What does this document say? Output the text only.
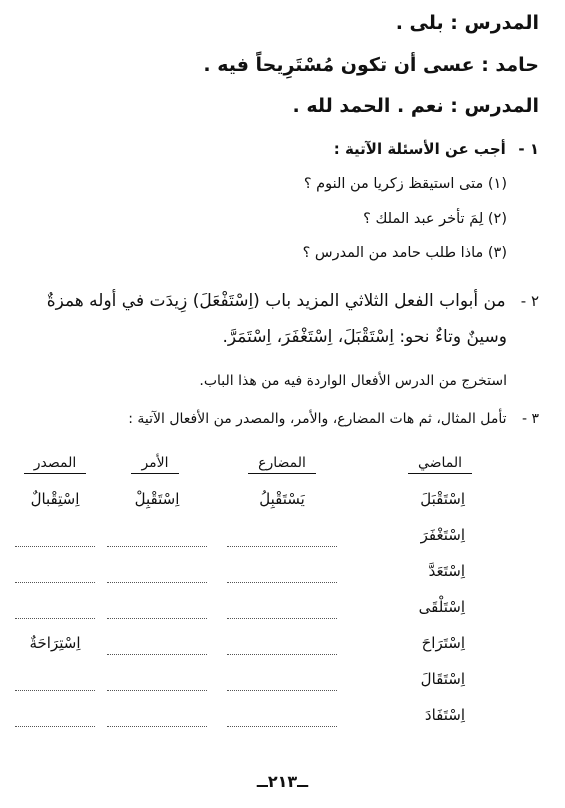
المدرس : بلى .
حامد : عسى أن تكون مُسْتَرِيحاً فيه .
المدرس : نعم . الحمد لله .
١ - أجب عن الأسئلة الآتية :
(١) متى استيقظ زكريا من النوم ؟
(٢) لِمَ تأخر عبد الملك ؟
(٣) ماذا طلب حامد من المدرس ؟
٢ - من أبواب الفعل الثلاثي المزيد باب (اِسْتَفْعَلَ) زِيدَت في أوله همزةٌ
وسينٌ وتاءٌ نحو: اِسْتَقْبَلَ، اِسْتَغْفَرَ، اِسْتَمَرَّ.
استخرج من الدرس الأفعال الواردة فيه من هذا الباب.
٣ - تأمل المثال، ثم هات المضارع، والأمر، والمصدر من الأفعال الآتية :
الماضي
المضارع
الأمر
المصدر
اِسْتَقْبَلَ
يَسْتَقْبِلُ
اِسْتَقْبِلْ
اِسْتِقْبالٌ
اِسْتَغْفَرَ
اِسْتَعَدَّ
اِسْتَلْقَى
اِسْتَرَاحَ
اِسْتِرَاحَةٌ
اِسْتَقَالَ
اِسْتَفَادَ
ــ٢١٣ــ
